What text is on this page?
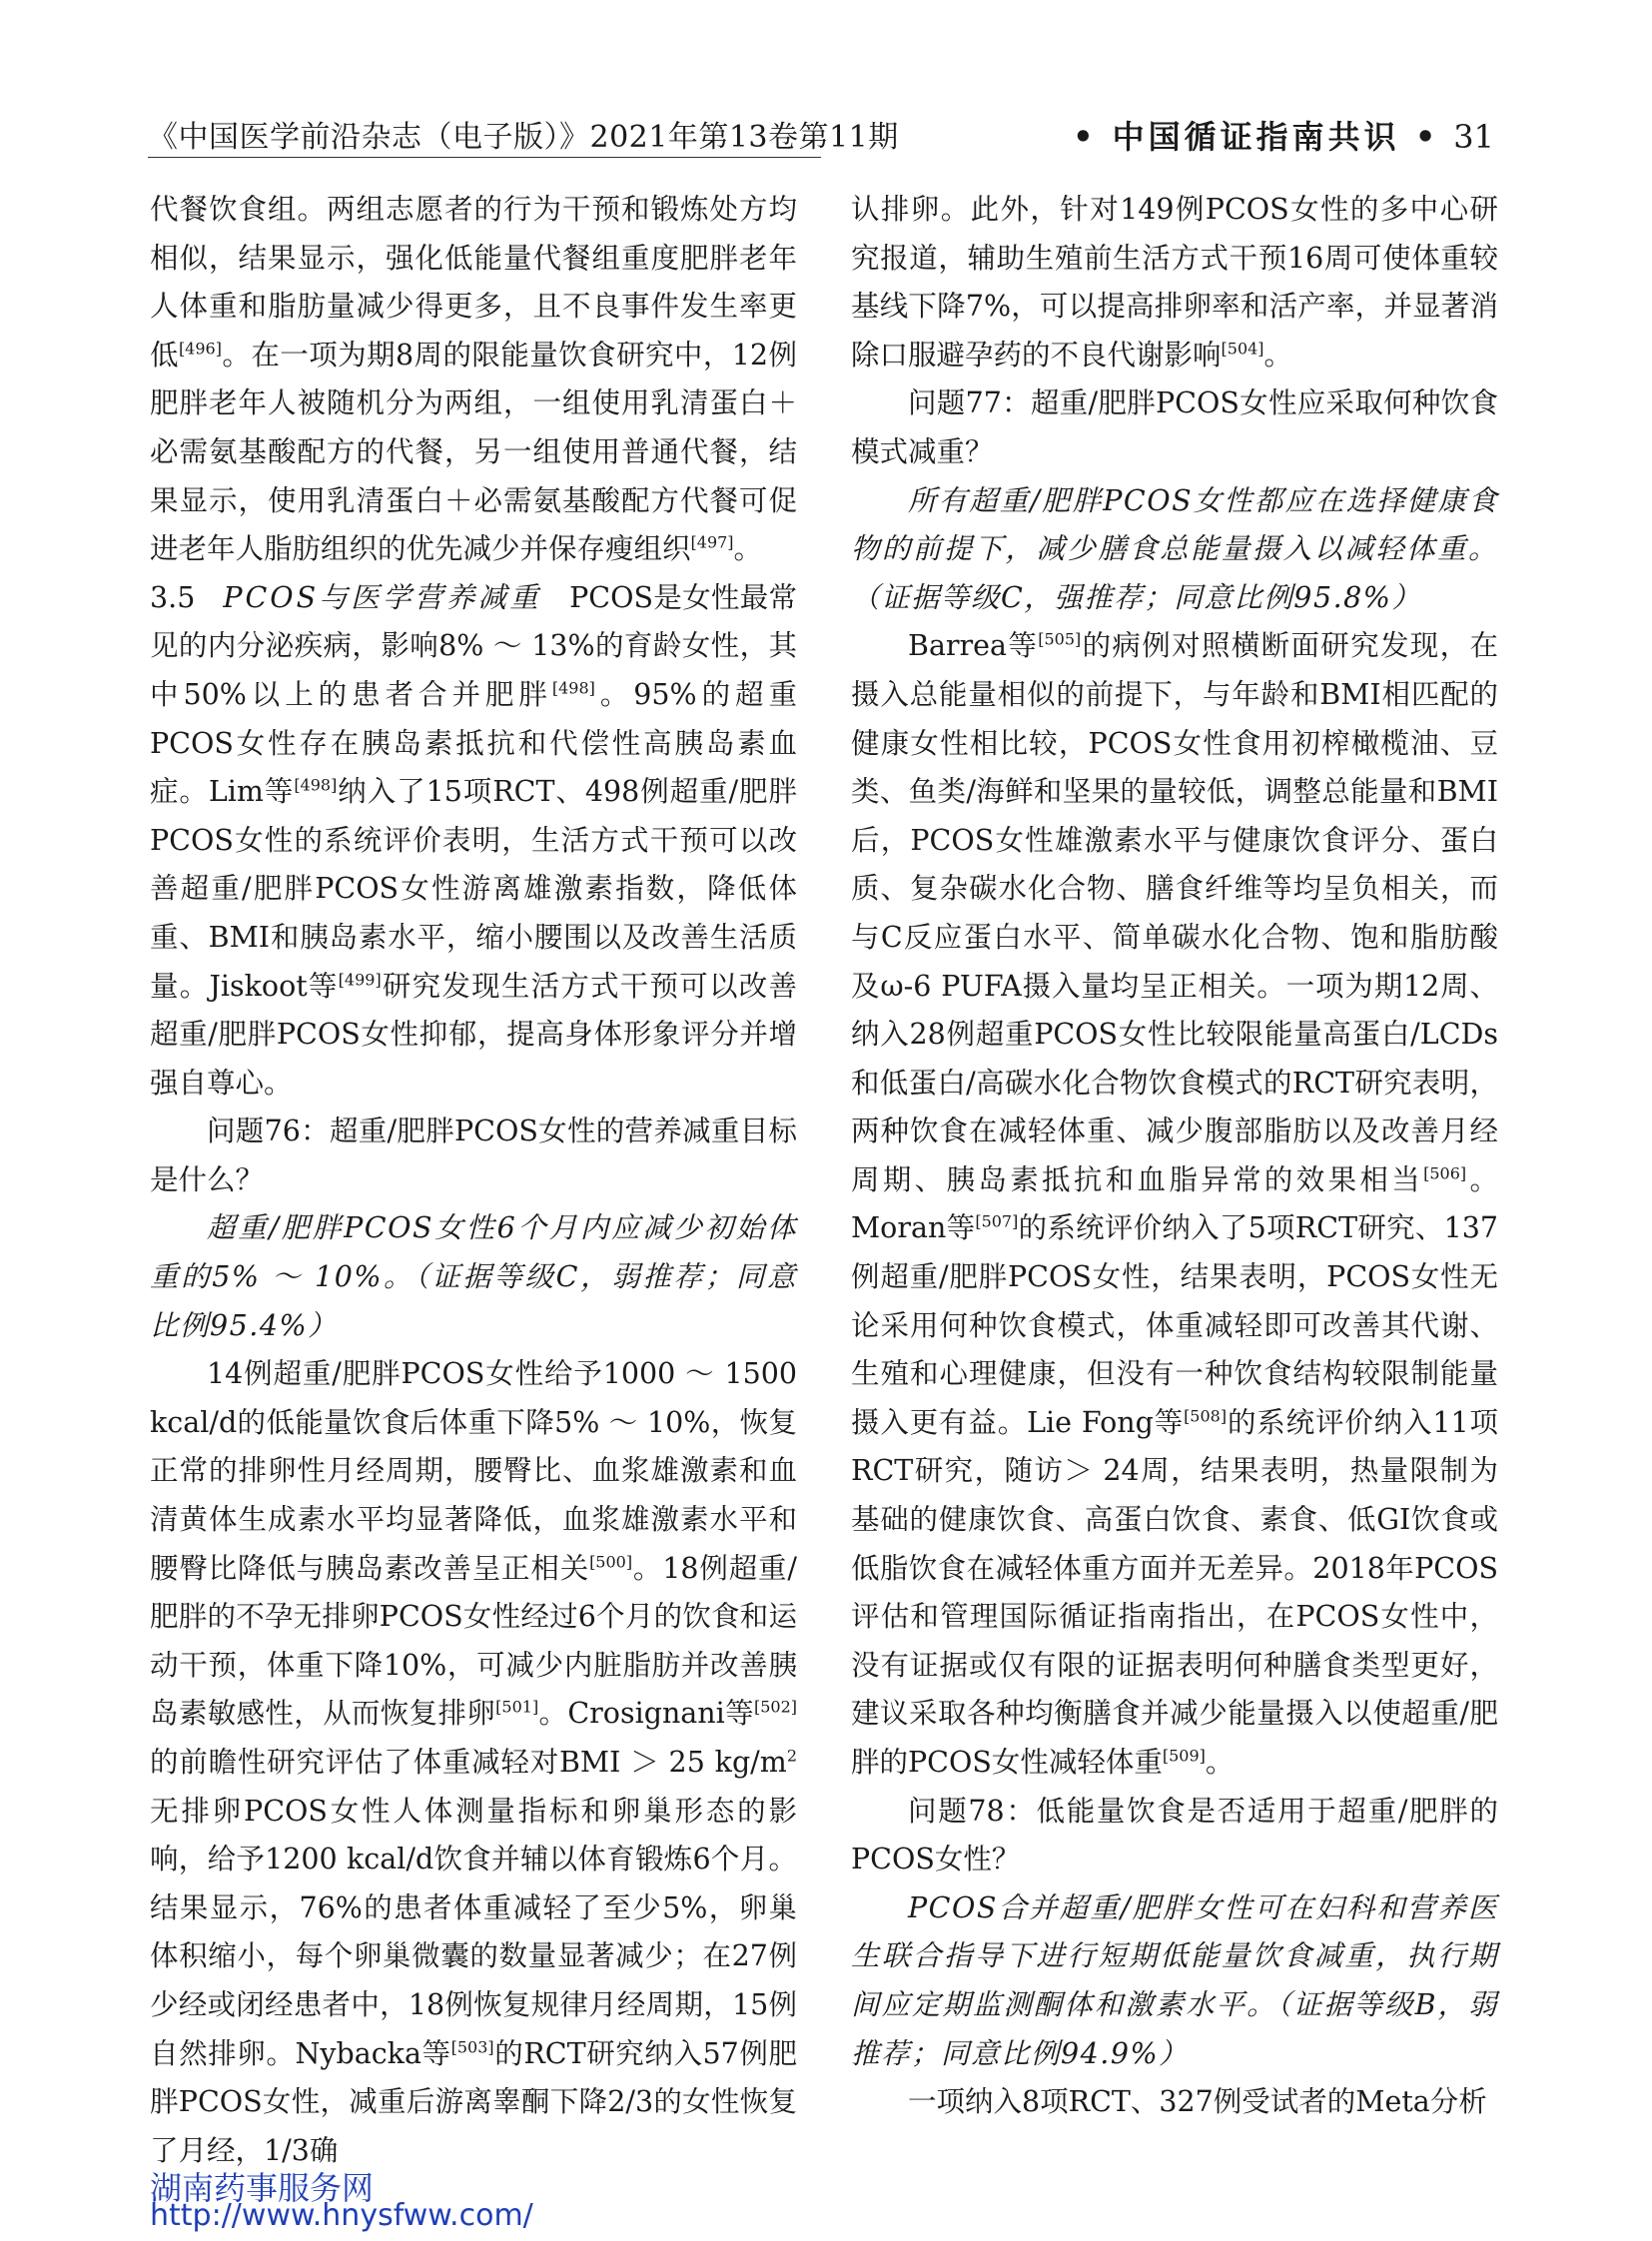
《中国医学前沿杂志（电子版）》2021年第13卷第11期	• 中国循证指南共识 • 31

代餐饮食组。两组志愿者的行为干预和锻炼处方均相似，结果显示，强化低能量代餐组重度肥胖老年人体重和脂肪量减少得更多，且不良事件发生率更低[496]。在一项为期8周的限能量饮食研究中，12例肥胖老年人被随机分为两组，一组使用乳清蛋白＋必需氨基酸配方的代餐，另一组使用普通代餐，结果显示，使用乳清蛋白＋必需氨基酸配方代餐可促进老年人脂肪组织的优先减少并保存瘦组织[497]。

3.5 PCOS与医学营养减重 PCOS是女性最常见的内分泌疾病，影响8% ～ 13%的育龄女性，其中50%以上的患者合并肥胖[498]。95%的超重PCOS女性存在胰岛素抵抗和代偿性高胰岛素血症。Lim等[498]纳入了15项RCT、498例超重/肥胖PCOS女性的系统评价表明，生活方式干预可以改善超重/肥胖PCOS女性游离雄激素指数，降低体重、BMI和胰岛素水平，缩小腰围以及改善生活质量。Jiskoot等[499]研究发现生活方式干预可以改善超重/肥胖PCOS女性抑郁，提高身体形象评分并增强自尊心。

问题76：超重/肥胖PCOS女性的营养减重目标是什么？

超重/肥胖PCOS女性6个月内应减少初始体重的5% ～ 10%。（证据等级C，弱推荐；同意比例95.4%）

14例超重/肥胖PCOS女性给予1000 ～ 1500 kcal/d的低能量饮食后体重下降5% ～ 10%，恢复正常的排卵性月经周期，腰臀比、血浆雄激素和血清黄体生成素水平均显著降低，血浆雄激素水平和腰臀比降低与胰岛素改善呈正相关[500]。18例超重/肥胖的不孕无排卵PCOS女性经过6个月的饮食和运动干预，体重下降10%，可减少内脏脂肪并改善胰岛素敏感性，从而恢复排卵[501]。Crosignani等[502]的前瞻性研究评估了体重减轻对BMI ＞ 25 $kg/m^2$无排卵PCOS女性人体测量指标和卵巢形态的影响，给予1200 kcal/d饮食并辅以体育锻炼6个月。结果显示，76%的患者体重减轻了至少5%，卵巢体积缩小，每个卵巢微囊的数量显著减少；在27例少经或闭经患者中，18例恢复规律月经周期，15例自然排卵。Nybacka等[503]的RCT研究纳入57例肥胖PCOS女性，减重后游离睾酮下降2/3的女性恢复了月经，1/3确

认排卵。此外，针对149例PCOS女性的多中心研究报道，辅助生殖前生活方式干预16周可使体重较基线下降7%，可以提高排卵率和活产率，并显著消除口服避孕药的不良代谢影响[504]。

问题77：超重/肥胖PCOS女性应采取何种饮食模式减重？

所有超重/肥胖PCOS女性都应在选择健康食物的前提下，减少膳食总能量摄入以减轻体重。（证据等级C，强推荐；同意比例95.8%）

Barrea等[505]的病例对照横断面研究发现，在摄入总能量相似的前提下，与年龄和BMI相匹配的健康女性相比较，PCOS女性食用初榨橄榄油、豆类、鱼类/海鲜和坚果的量较低，调整总能量和BMI后，PCOS女性雄激素水平与健康饮食评分、蛋白质、复杂碳水化合物、膳食纤维等均呈负相关，而与C反应蛋白水平、简单碳水化合物、饱和脂肪酸及ω-6 PUFA摄入量均呈正相关。一项为期12周、纳入28例超重PCOS女性比较限能量高蛋白/LCDs和低蛋白/高碳水化合物饮食模式的RCT研究表明，两种饮食在减轻体重、减少腹部脂肪以及改善月经周期、胰岛素抵抗和血脂异常的效果相当[506]。Moran等[507]的系统评价纳入了5项RCT研究、137例超重/肥胖PCOS女性，结果表明，PCOS女性无论采用何种饮食模式，体重减轻即可改善其代谢、生殖和心理健康，但没有一种饮食结构较限制能量摄入更有益。Lie Fong等[508]的系统评价纳入11项RCT研究，随访＞ 24周，结果表明，热量限制为基础的健康饮食、高蛋白饮食、素食、低GI饮食或低脂饮食在减轻体重方面并无差异。2018年PCOS评估和管理国际循证指南指出，在PCOS女性中，没有证据或仅有限的证据表明何种膳食类型更好，建议采取各种均衡膳食并减少能量摄入以使超重/肥胖的PCOS女性减轻体重[509]。

问题78：低能量饮食是否适用于超重/肥胖的PCOS女性？

PCOS合并超重/肥胖女性可在妇科和营养医生联合指导下进行短期低能量饮食减重，执行期间应定期监测酮体和激素水平。（证据等级B，弱推荐；同意比例94.9%）

一项纳入8项RCT、327例受试者的Meta分析

湖南药事服务网
http://www.hnysfww.com/
